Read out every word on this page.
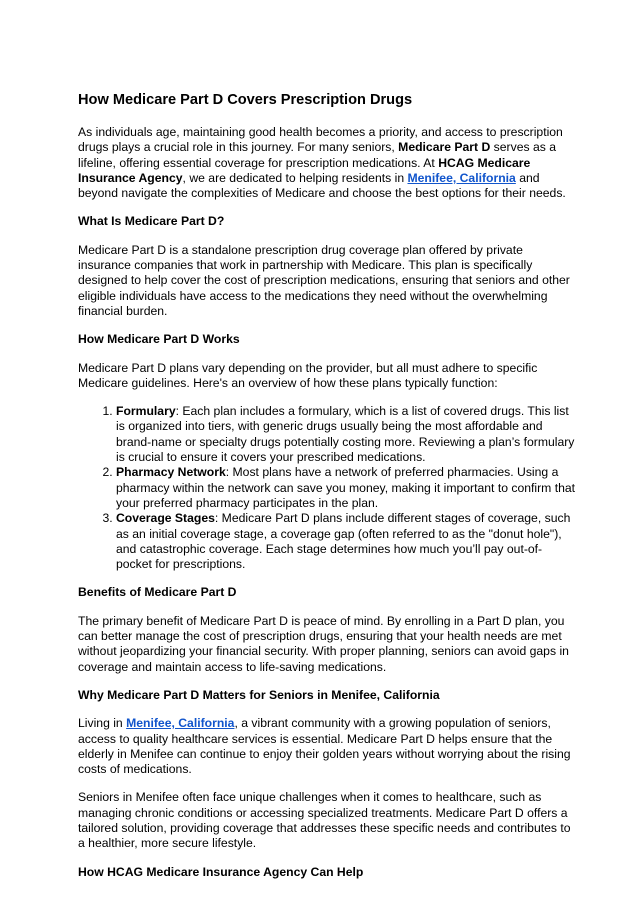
How Medicare Part D Covers Prescription Drugs

As individuals age, maintaining good health becomes a priority, and access to prescription drugs plays a crucial role in this journey. For many seniors, Medicare Part D serves as a lifeline, offering essential coverage for prescription medications. At HCAG Medicare Insurance Agency, we are dedicated to helping residents in Menifee, California and beyond navigate the complexities of Medicare and choose the best options for their needs.

What Is Medicare Part D?

Medicare Part D is a standalone prescription drug coverage plan offered by private insurance companies that work in partnership with Medicare. This plan is specifically designed to help cover the cost of prescription medications, ensuring that seniors and other eligible individuals have access to the medications they need without the overwhelming financial burden.

How Medicare Part D Works

Medicare Part D plans vary depending on the provider, but all must adhere to specific Medicare guidelines. Here's an overview of how these plans typically function:

1. Formulary: Each plan includes a formulary, which is a list of covered drugs. This list is organized into tiers, with generic drugs usually being the most affordable and brand-name or specialty drugs potentially costing more. Reviewing a plan’s formulary is crucial to ensure it covers your prescribed medications.
2. Pharmacy Network: Most plans have a network of preferred pharmacies. Using a pharmacy within the network can save you money, making it important to confirm that your preferred pharmacy participates in the plan.
3. Coverage Stages: Medicare Part D plans include different stages of coverage, such as an initial coverage stage, a coverage gap (often referred to as the "donut hole"), and catastrophic coverage. Each stage determines how much you’ll pay out-of-pocket for prescriptions.
Benefits of Medicare Part D

The primary benefit of Medicare Part D is peace of mind. By enrolling in a Part D plan, you can better manage the cost of prescription drugs, ensuring that your health needs are met without jeopardizing your financial security. With proper planning, seniors can avoid gaps in coverage and maintain access to life-saving medications.

Why Medicare Part D Matters for Seniors in Menifee, California

Living in Menifee, California, a vibrant community with a growing population of seniors, access to quality healthcare services is essential. Medicare Part D helps ensure that the elderly in Menifee can continue to enjoy their golden years without worrying about the rising costs of medications.

Seniors in Menifee often face unique challenges when it comes to healthcare, such as managing chronic conditions or accessing specialized treatments. Medicare Part D offers a tailored solution, providing coverage that addresses these specific needs and contributes to a healthier, more secure lifestyle.

How HCAG Medicare Insurance Agency Can Help
